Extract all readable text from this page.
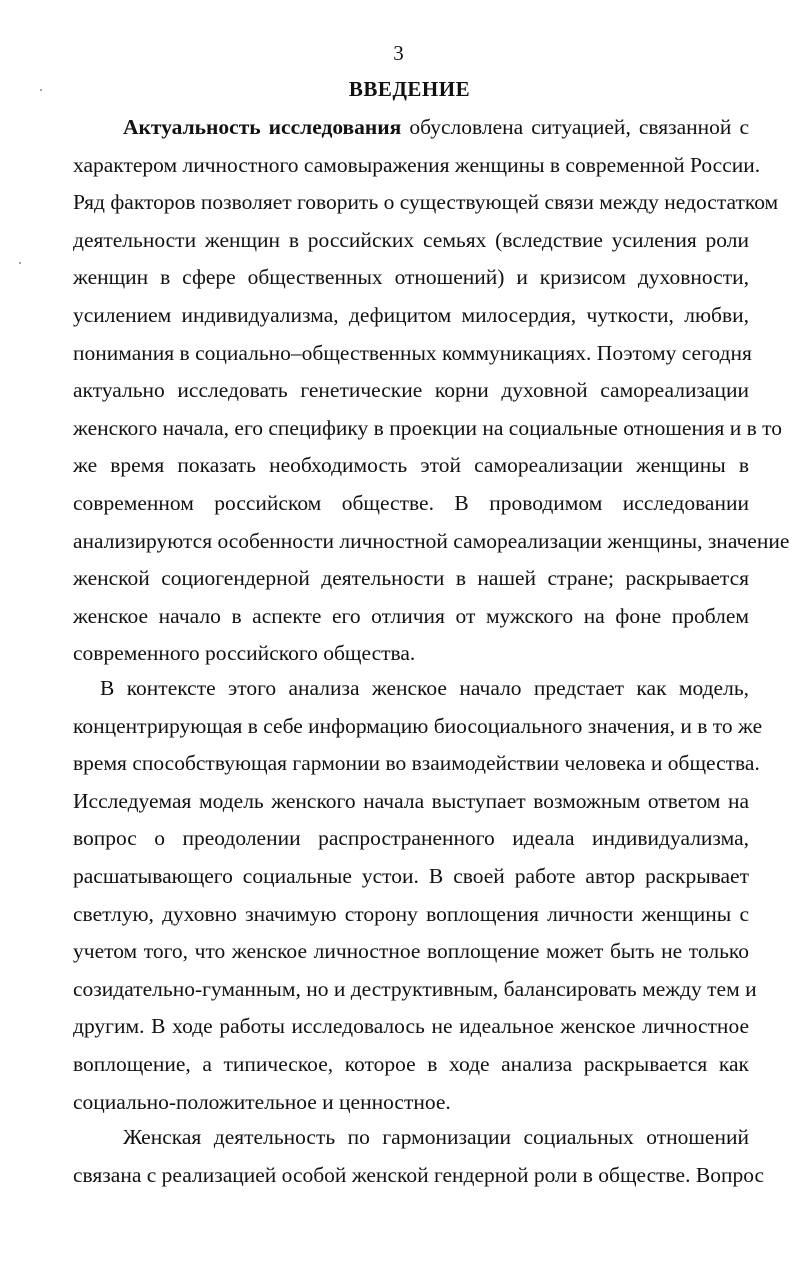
3
ВВЕДЕНИЕ
Актуальность исследования обусловлена ситуацией, связанной с
характером личностного самовыражения женщины в современной России.
Ряд факторов позволяет говорить о существующей связи между недостатком
деятельности женщин в российских семьях (вследствие усиления роли
женщин в сфере общественных отношений) и кризисом духовности,
усилением индивидуализма, дефицитом милосердия, чуткости, любви,
понимания в социально–общественных коммуникациях. Поэтому сегодня
актуально исследовать генетические корни духовной самореализации
женского начала, его специфику в проекции на социальные отношения и в то
же время показать необходимость этой самореализации женщины в
современном российском обществе. В проводимом исследовании
анализируются особенности личностной самореализации женщины, значение
женской социогендерной деятельности в нашей стране; раскрывается
женское начало в аспекте его отличия от мужского на фоне проблем
современного российского общества.
В контексте этого анализа женское начало предстает как модель,
концентрирующая в себе информацию биосоциального значения, и в то же
время способствующая гармонии во взаимодействии человека и общества.
Исследуемая модель женского начала выступает возможным ответом на
вопрос о преодолении распространенного идеала индивидуализма,
расшатывающего социальные устои. В своей работе автор раскрывает
светлую, духовно значимую сторону воплощения личности женщины с
учетом того, что женское личностное воплощение может быть не только
созидательно-гуманным, но и деструктивным, балансировать между тем и
другим. В ходе работы исследовалось не идеальное женское личностное
воплощение, а типическое, которое в ходе анализа раскрывается как
социально-положительное и ценностное.
Женская деятельность по гармонизации социальных отношений
связана с реализацией особой женской гендерной роли в обществе. Вопрос
